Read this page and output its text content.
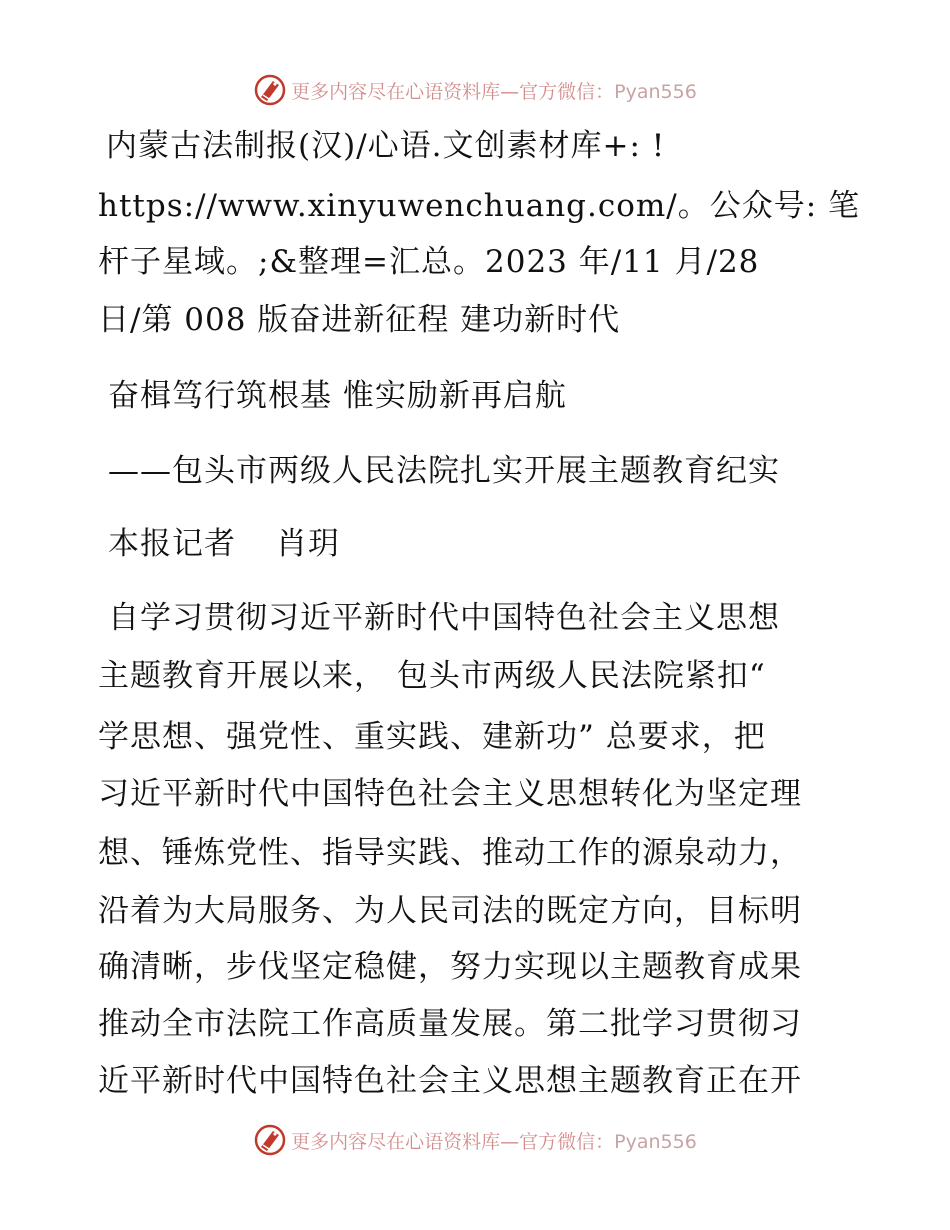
更多内容尽在心语资料库—官方微信：Pyan556
内蒙古法制报(汉)/心语.文创素材库+: !
https://www.xinyuwenchuang.com/。公众号: 笔
杆子星域。;&整理=汇总。2023 年/11 月/28
日/第 008 版奋进新征程 建功新时代
奋楫笃行筑根基 惟实励新再启航
——包头市两级人民法院扎实开展主题教育纪实
本报记者 肖玥
自学习贯彻习近平新时代中国特色社会主义思想
主题教育开展以来， 包头市两级人民法院紧扣“
学思想、强党性、重实践、建新功” 总要求，把
习近平新时代中国特色社会主义思想转化为坚定理
想、锤炼党性、指导实践、推动工作的源泉动力，
沿着为大局服务、为人民司法的既定方向，目标明
确清晰，步伐坚定稳健，努力实现以主题教育成果
推动全市法院工作高质量发展。第二批学习贯彻习
近平新时代中国特色社会主义思想主题教育正在开
更多内容尽在心语资料库—官方微信：Pyan556
